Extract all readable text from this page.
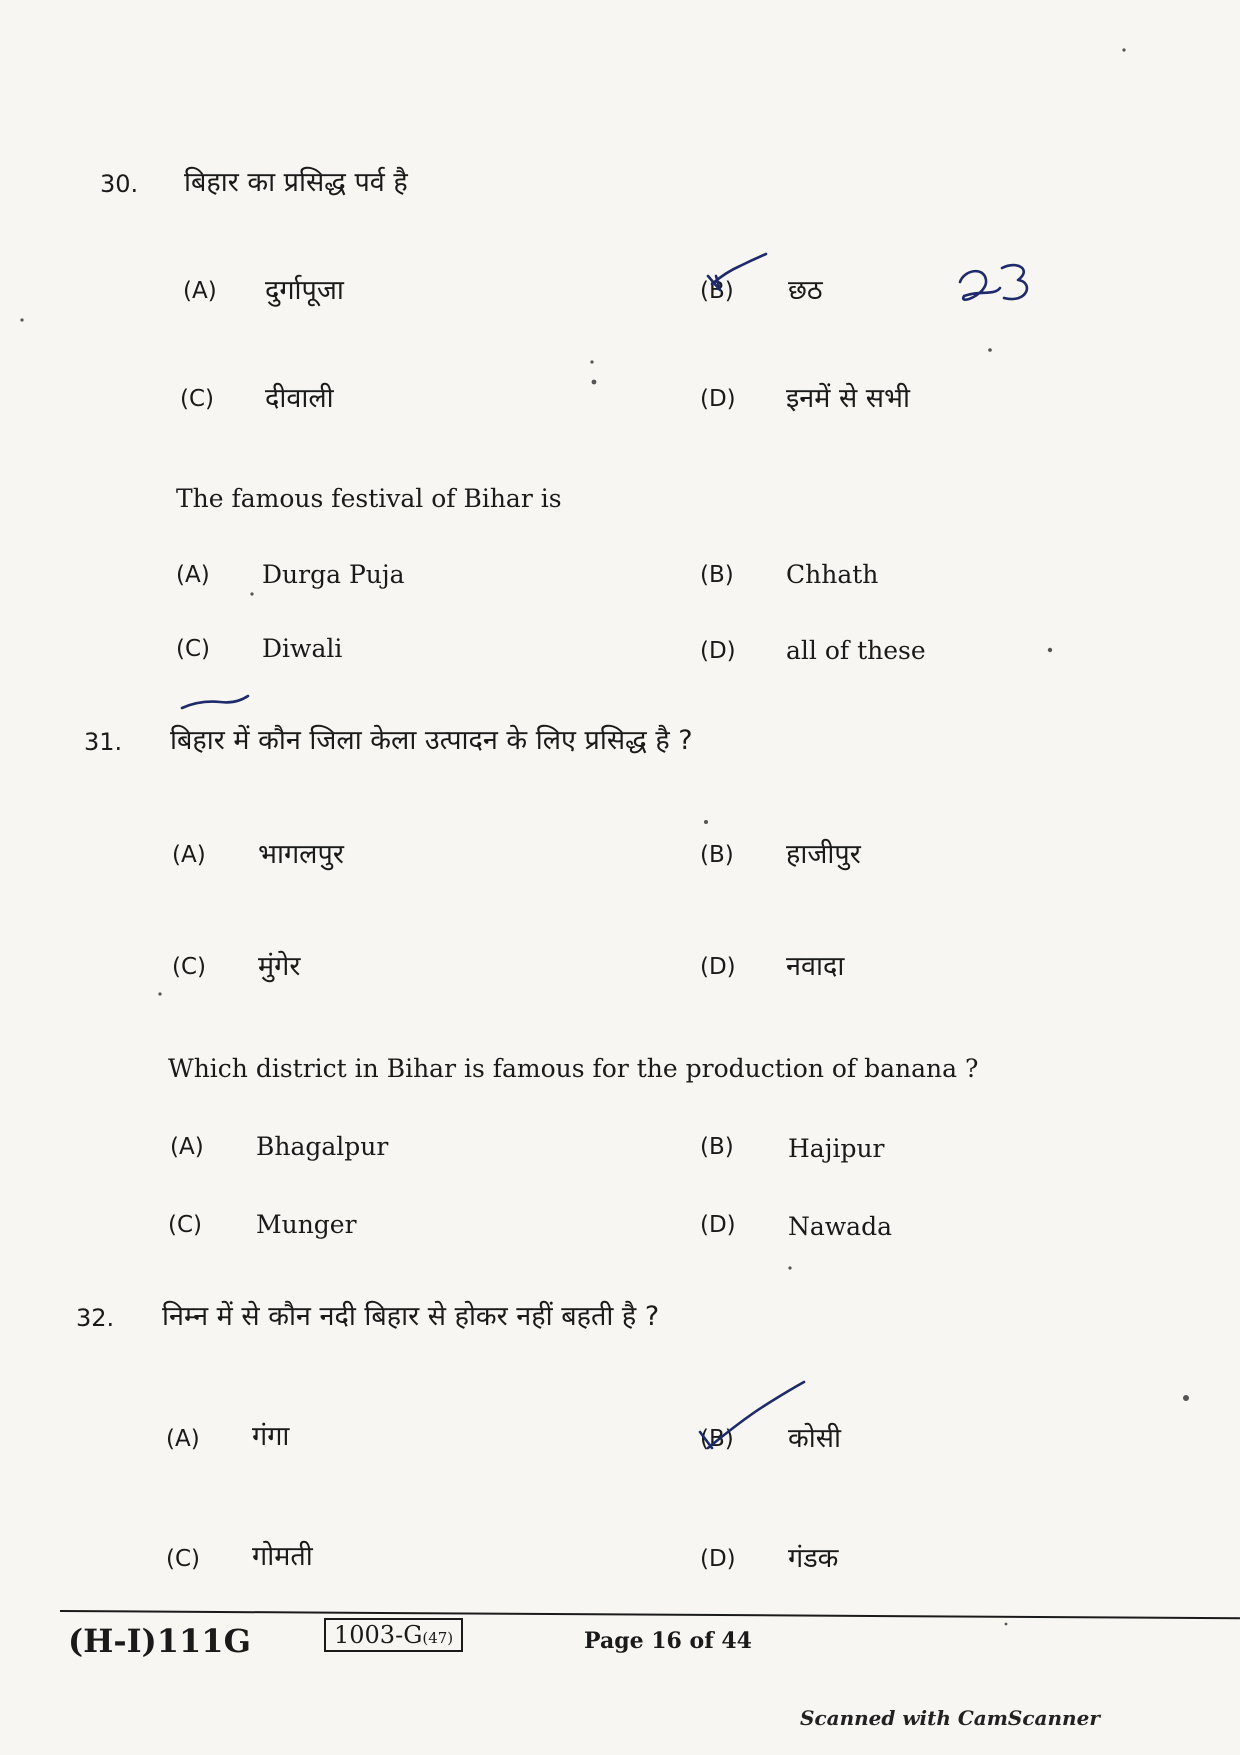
30. बिहार का प्रसिद्ध पर्व है
(A) दुर्गापूजा	(B) छठ
(C) दीवाली	(D) इनमें से सभी
The famous festival of Bihar is
(A) Durga Puja	(B) Chhath
(C) Diwali	(D) all of these
31. बिहार में कौन जिला केला उत्पादन के लिए प्रसिद्ध है ?
(A) भागलपुर	(B) हाजीपुर
(C) मुंगेर	(D) नवादा
Which district in Bihar is famous for the production of banana ?
(A) Bhagalpur	(B) Hajipur
(C) Munger	(D) Nawada
32. निम्न में से कौन नदी बिहार से होकर नहीं बहती है ?
(A) गंगा	(B) कोसी
(C) गोमती	(D) गंडक
(H-I)111G	1003-G(47)	Page 16 of 44
Scanned with CamScanner
